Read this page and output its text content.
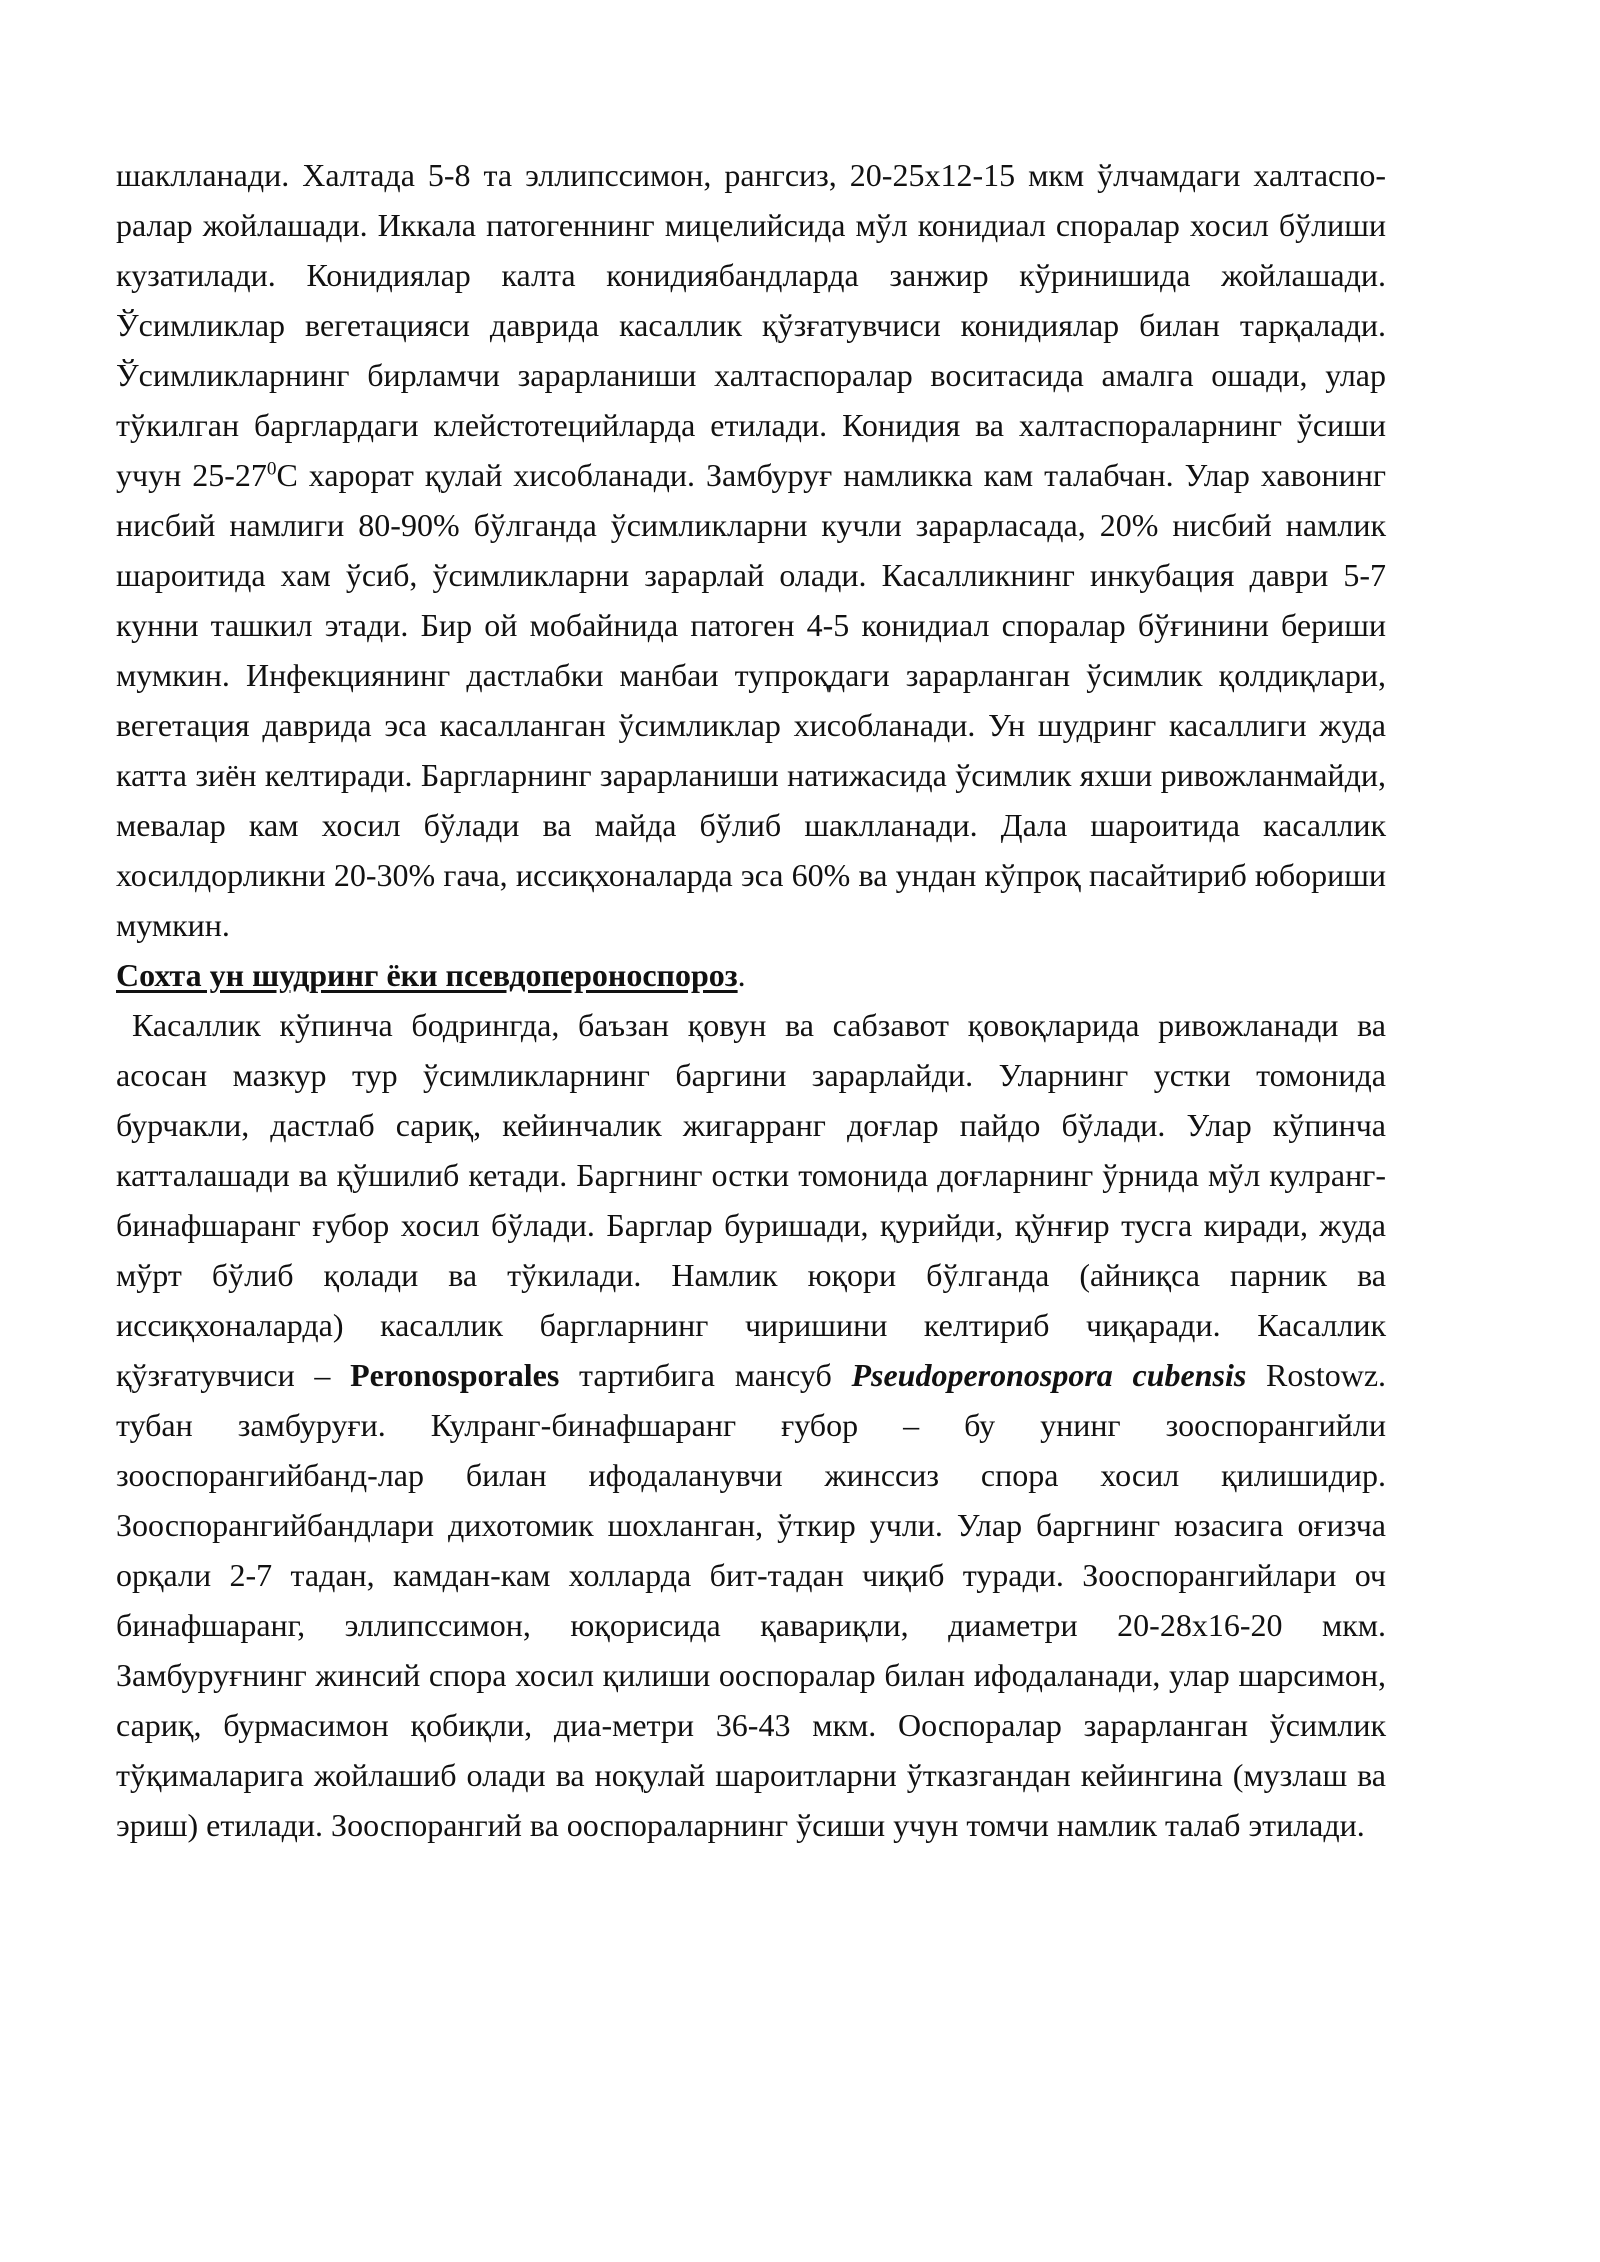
шаклланади. Халтада 5-8 та эллипссимон, рангсиз, 20-25х12-15 мкм ўлчамдаги халтаспо-ралар жойлашади. Иккала патогеннинг мицелийсида мўл конидиал споралар хосил бўлиши кузатилади. Конидиялар калта конидиябандларда занжир кўринишида жойлашади. Ўсимликлар вегетацияси даврида касаллик қўзғатувчиси конидиялар билан тарқалади. Ўсимликларнинг бирламчи зарарланиши халтаспоралар воситасида амалга ошади, улар тўкилган барглардаги клейстотецийларда етилади. Конидия ва халтаспораларнинг ўсиши учун $25-27^0С$ харорат қулай хисобланади. Замбуруғ намликка кам талабчан. Улар хавонинг нисбий намлиги 80-90% бўлганда ўсимликларни кучли зарарласада, 20% нисбий намлик шароитида хам ўсиб, ўсимликларни зарарлай олади. Касалликнинг инкубация даври 5-7 кунни ташкил этади. Бир ой мобайнида патоген 4-5 конидиал споралар бўғинини бериши мумкин. Инфекциянинг дастлабки манбаи тупроқдаги зарарланган ўсимлик қолдиқлари, вегетация даврида эса касалланган ўсимликлар хисобланади. Ун шудринг касаллиги жуда катта зиён келтиради. Баргларнинг зарарланиши натижасида ўсимлик яхши ривожланмайди, мевалар кам хосил бўлади ва майда бўлиб шаклланади. Дала шароитида касаллик хосилдорликни 20-30% гача, иссиқхоналарда эса 60% ва ундан кўпроқ пасайтириб юбориши мумкин.

Сохта ун шудринг ёки псевдопероноспороз.

Касаллик кўпинча бодрингда, баъзан қовун ва сабзавот қовоқларида ривожланади ва асосан мазкур тур ўсимликларнинг баргини зарарлайди. Уларнинг устки томонида бурчакли, дастлаб сариқ, кейинчалик жигарранг доғлар пайдо бўлади. Улар кўпинча катталашади ва қўшилиб кетади. Баргнинг остки томонида доғларнинг ўрнида мўл кулранг-бинафшаранг ғубор хосил бўлади. Барглар буришади, қурийди, қўнғир тусга киради, жуда мўрт бўлиб қолади ва тўкилади. Намлик юқори бўлганда (айниқса парник ва иссиқхоналарда) касаллик баргларнинг чиришини келтириб чиқаради. Касаллик қўзғатувчиси – Peronosporales тартибига мансуб Pseudoperonospora cubensis Rostowz. тубан замбуруғи. Кулранг-бинафшаранг ғубор – бу унинг зооспорангийли зооспорангийбанд-лар билан ифодаланувчи жинссиз спора хосил қилишидир. Зооспорангийбандлари дихотомик шохланган, ўткир учли. Улар баргнинг юзасига оғизча орқали 2-7 тадан, камдан-кам холларда бит-тадан чиқиб туради. Зооспорангийлари оч бинафшаранг, эллипссимон, юқорисида қавариқли, диаметри 20-28х16-20 мкм. Замбуруғнинг жинсий спора хосил қилиши ооспоралар билан ифодаланади, улар шарсимон, сариқ, бурмасимон қобиқли, диа-метри 36-43 мкм. Ооспоралар зарарланган ўсимлик тўқималарига жойлашиб олади ва ноқулай шароитларни ўтказгандан кейингина (музлаш ва эриш) етилади. Зооспорангий ва ооспораларнинг ўсиши учун томчи намлик талаб этилади.
